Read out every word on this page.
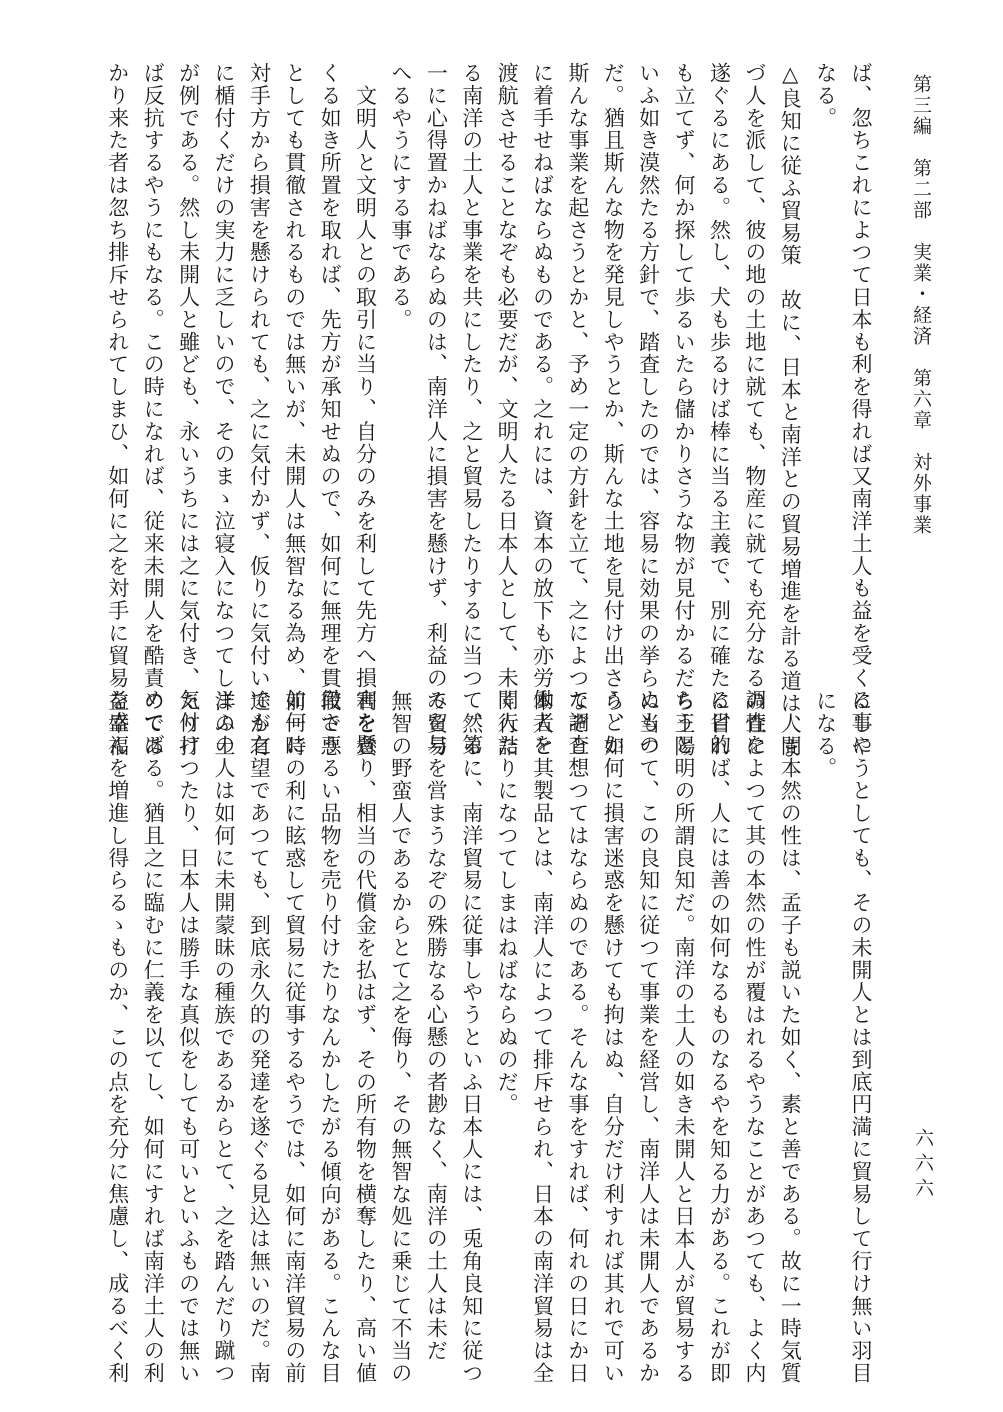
第三編　第二部　実業・経済　第六章　対外事業
六六六
ば、忽ちこれによつて日本も利を得れば又南洋土人も益を受くる事に
なる。
△良知に従ふ貿易策　故に、日本と南洋との貿易増進を計る道は、ま
づ人を派して、彼の地の土地に就ても、物産に就ても充分なる調査を
遂ぐるにある。然し、犬も歩るけば棒に当る主義で、別に確たる目的
も立てず、何か探して歩るいたら儲かりさうな物が見付かるだらうと
いふ如き漠然たる方針で、踏査したのでは、容易に効果の挙らぬもの
だ。猶且斯んな物を発見しやうとか、斯んな土地を見付け出さうとか
斯んな事業を起さうとかと、予め一定の方針を立て、之によつて調査
に着手せねばならぬものである。之れには、資本の放下も亦労働者を
渡航させることなぞも必要だが、文明人たる日本人として、未開人た
る南洋の土人と事業を共にしたり、之と貿易したりするに当つて、第
一に心得置かねばならぬのは、南洋人に損害を懸けず、利益のみを与
へるやうにする事である。
　文明人と文明人との取引に当り、自分のみを利して先方へ損害を懸
くる如き所置を取れば、先方が承知せぬので、如何に無理を貫徹さう
としても貫徹されるものでは無いが、未開人は無智なる為め、如何に
対手方から損害を懸けられても、之に気付かず、仮りに気付いても之
に楯付くだけの実力に乏しいので、そのまゝ泣寝入になつてしまふの
が例である。然し未開人と雖ども、永いうちには之に気付き、気付け
ば反抗するやうにもなる。この時になれば、従来未開人を酷責めてば
かり来た者は忽ち排斥せられてしまひ、如何に之を対手に貿易を盛ん
にしやうとしても、その未開人とは到底円満に貿易して行け無い羽目
になる。
　人間本然の性は、孟子も説いた如く、素と善である。故に一時気質
の性によつて其の本然の性が覆はれるやうなことがあつても、よく内
に省れば、人には善の如何なるものなるやを知る力がある。これが即
ち王陽明の所謂良知だ。南洋の土人の如き未開人と日本人が貿易する
に当つて、この良知に従つて事業を経営し、南洋人は未開人であるか
ら、如何に損害迷惑を懸けても拘はぬ、自分だけ利すれば其れで可い
なぞと想つてはならぬのである。そんな事をすれば、何れの日にか日
本人と其製品とは、南洋人によつて排斥せられ、日本の南洋貿易は全
く行詰りになつてしまはねばならぬのだ。
　然るに、南洋貿易に従事しやうといふ日本人には、兎角良知に従つ
て貿易を営まうなぞの殊勝なる心懸の者尠なく、南洋の土人は未だ
無智の野蛮人であるからとて之を侮り、その無智な処に乗じて不当の
利を貪り、相当の代償金を払はず、その所有物を横奪したり、高い値
段で悪るい品物を売り付けたりなんかしたがる傾向がある。こんな目
前一時の利に眩惑して貿易に従事するやうでは、如何に南洋貿易の前
途が有望であつても、到底永久的の発達を遂ぐる見込は無いのだ。南
洋の土人は如何に未開蒙昧の種族であるからとて、之を踏んだり蹴つ
たり打つたり、日本人は勝手な真似をしても可いといふものでは無い
のである。猶且之に臨むに仁義を以てし、如何にすれば南洋土人の利
益幸福を増進し得らるゝものか、この点を充分に焦慮し、成るべく利
